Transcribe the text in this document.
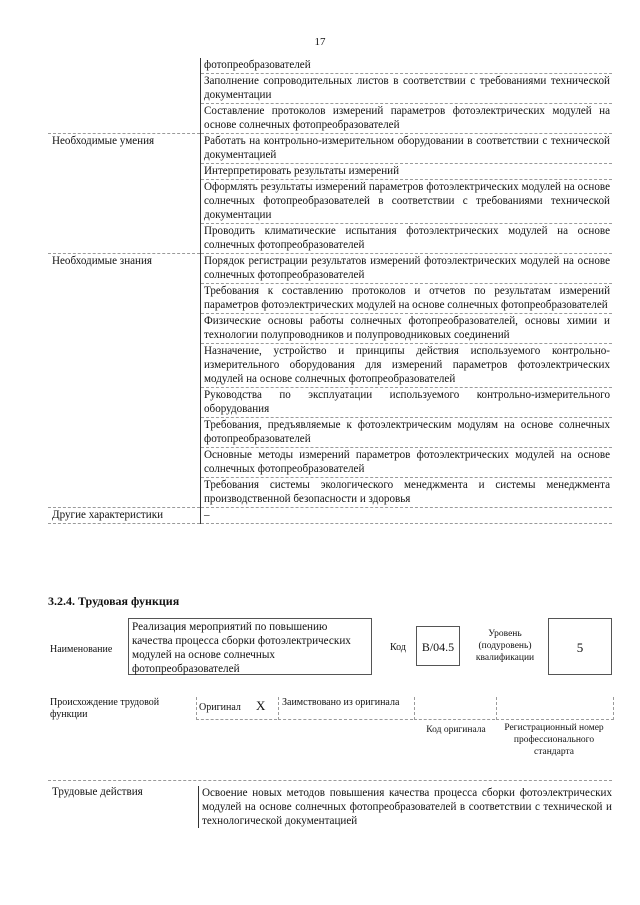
17
	фотопреобразователей
	Заполнение сопроводительных листов в соответствии с требованиями технической документации
	Составление протоколов измерений параметров фотоэлектрических модулей на основе солнечных фотопреобразователей
Необходимые умения	Работать на контрольно-измерительном оборудовании в соответствии с технической документацией
	Интерпретировать результаты измерений
	Оформлять результаты измерений параметров фотоэлектрических модулей на основе солнечных фотопреобразователей в соответствии с требованиями технической документации
	Проводить климатические испытания фотоэлектрических модулей на основе солнечных фотопреобразователей
Необходимые знания	Порядок регистрации результатов измерений фотоэлектрических модулей на основе солнечных фотопреобразователей
	Требования к составлению протоколов и отчетов по результатам измерений параметров фотоэлектрических модулей на основе солнечных фотопреобразователей
	Физические основы работы солнечных фотопреобразователей, основы химии и технологии полупроводников и полупроводниковых соединений
	Назначение, устройство и принципы действия используемого контрольно-измерительного оборудования для измерений параметров фотоэлектрических модулей на основе солнечных фотопреобразователей
	Руководства по эксплуатации используемого контрольно-измерительного оборудования
	Требования, предъявляемые к фотоэлектрическим модулям на основе солнечных фотопреобразователей
	Основные методы измерений параметров фотоэлектрических модулей на основе солнечных фотопреобразователей
	Требования системы экологического менеджмента и системы менеджмента производственной безопасности и здоровья
Другие характеристики	–
3.2.4. Трудовая функция
Наименование
Реализация мероприятий по повышению качества процесса сборки фотоэлектрических модулей на основе солнечных фотопреобразователей
Код	B/04.5
Уровень (подуровень) квалификации
5
Происхождение трудовой функции
Оригинал X Заимствовано из оригинала
Код оригинала	Регистрационный номер профессионального стандарта
Трудовые действия	Освоение новых методов повышения качества процесса сборки фотоэлектрических модулей на основе солнечных фотопреобразователей в соответствии с технической и технологической документацией
